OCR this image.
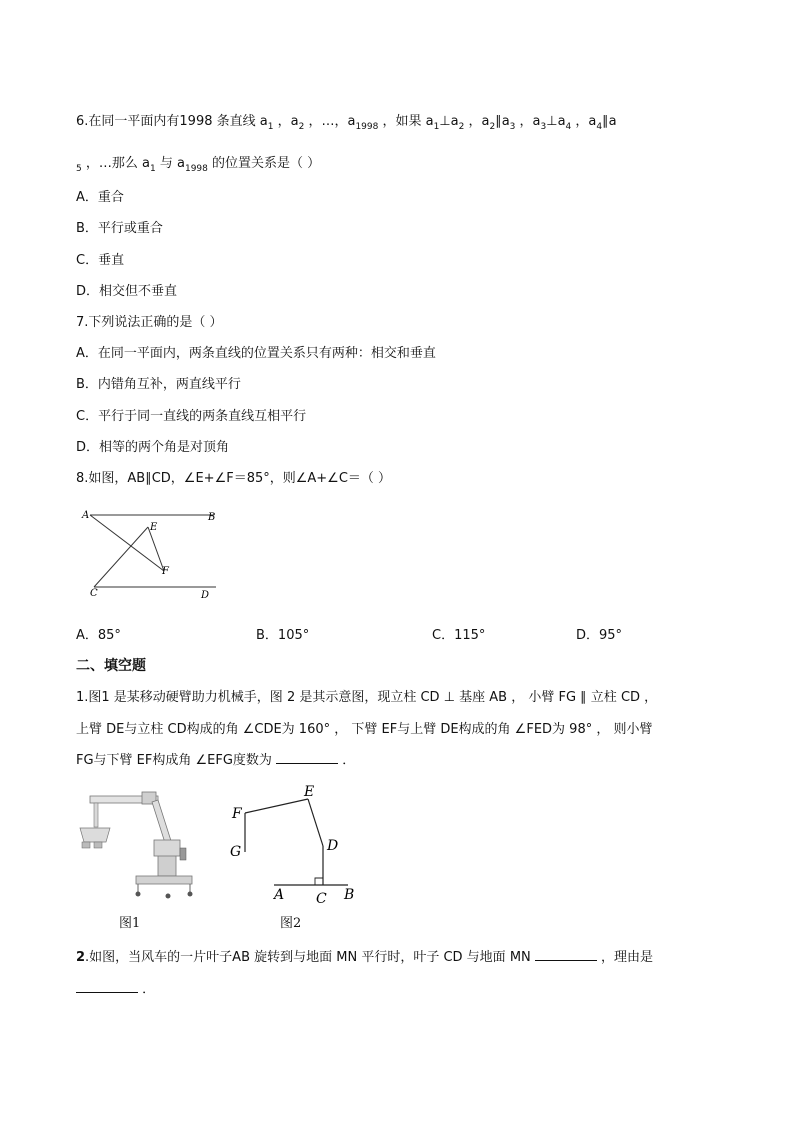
6.在同一平面内有1998 条直线 $a_1$ ，$a_2$ ，…，$a_{1998}$ ，如果 $a_1\perp a_2$ ，$a_2\parallel a_3$ ，$a_3\perp a_4$ ，$a_4\parallel a$
$_5$ ，…那么 $a_1$ 与 $a_{1998}$ 的位置关系是（ ）
A．重合
B．平行或重合
C．垂直
D．相交但不垂直
7.下列说法正确的是（ ）
A．在同一平面内，两条直线的位置关系只有两种：相交和垂直
B．内错角互补，两直线平行
C．平行于同一直线的两条直线互相平行
D．相等的两个角是对顶角
8.如图，AB∥CD，∠E+∠F＝85°，则∠A+∠C＝（ ）
A	B
E
F
C	D
A．85°	B．105°	C．115°	D．95°
二、填空题
1.图1 是某移动硬臂助力机械手，图 2 是其示意图，现立柱 CD ⊥ 基座 AB ， 小臂 FG ∥ 立柱 CD ，
上臂 DE与立柱 CD构成的角 ∠CDE为 160° ， 下臂 EF与上臂 DE构成的角 ∠FED为 98° ， 则小臂
FG与下臂 EF构成角 ∠EFG度数为	．
图1
E
F
D
G
A C B
图2
2.如图，当风车的一片叶子AB 旋转到与地面 MN 平行时，叶子 CD 与地面 MN	，理由是
．
